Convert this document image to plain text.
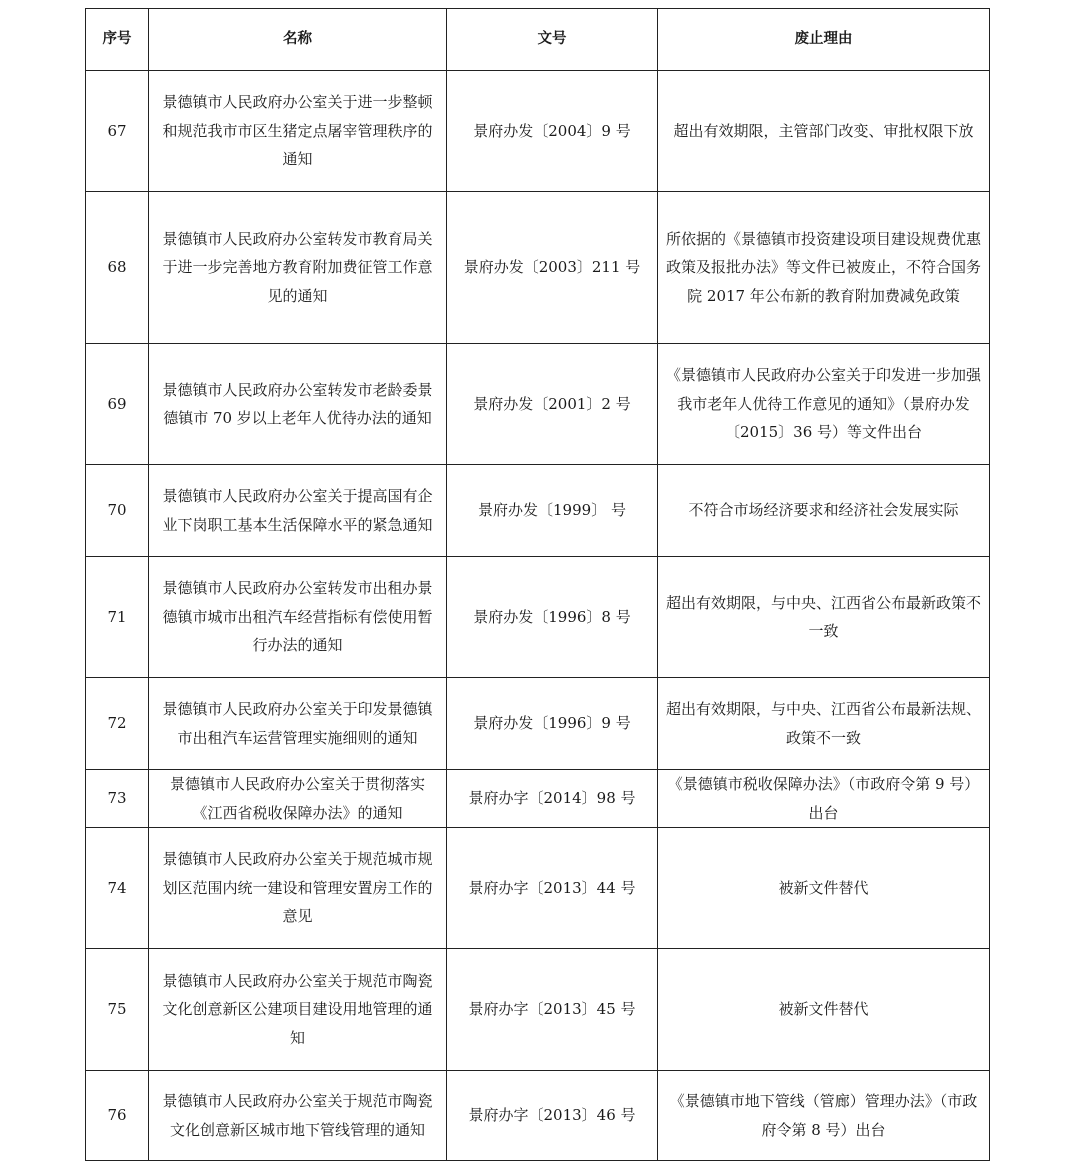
序号	名称	文号	废止理由
67	景德镇市人民政府办公室关于进一步整顿和规范我市市区生猪定点屠宰管理秩序的通知	景府办发〔2004〕9 号	超出有效期限，主管部门改变、审批权限下放
68	景德镇市人民政府办公室转发市教育局关于进一步完善地方教育附加费征管工作意见的通知	景府办发〔2003〕211 号	所依据的《景德镇市投资建设项目建设规费优惠政策及报批办法》等文件已被废止，不符合国务院 2017 年公布新的教育附加费减免政策
69	景德镇市人民政府办公室转发市老龄委景德镇市 70 岁以上老年人优待办法的通知	景府办发〔2001〕2 号	《景德镇市人民政府办公室关于印发进一步加强我市老年人优待工作意见的通知》（景府办发〔2015〕36 号）等文件出台
70	景德镇市人民政府办公室关于提高国有企业下岗职工基本生活保障水平的紧急通知	景府办发〔1999〕 号	不符合市场经济要求和经济社会发展实际
71	景德镇市人民政府办公室转发市出租办景德镇市城市出租汽车经营指标有偿使用暂行办法的通知	景府办发〔1996〕8 号	超出有效期限，与中央、江西省公布最新政策不一致
72	景德镇市人民政府办公室关于印发景德镇市出租汽车运营管理实施细则的通知	景府办发〔1996〕9 号	超出有效期限，与中央、江西省公布最新法规、政策不一致
73	景德镇市人民政府办公室关于贯彻落实《江西省税收保障办法》的通知	景府办字〔2014〕98 号	《景德镇市税收保障办法》（市政府令第 9 号）出台
74	景德镇市人民政府办公室关于规范城市规划区范围内统一建设和管理安置房工作的意见	景府办字〔2013〕44 号	被新文件替代
75	景德镇市人民政府办公室关于规范市陶瓷文化创意新区公建项目建设用地管理的通知	景府办字〔2013〕45 号	被新文件替代
76	景德镇市人民政府办公室关于规范市陶瓷文化创意新区城市地下管线管理的通知	景府办字〔2013〕46 号	《景德镇市地下管线（管廊）管理办法》（市政府令第 8 号）出台
